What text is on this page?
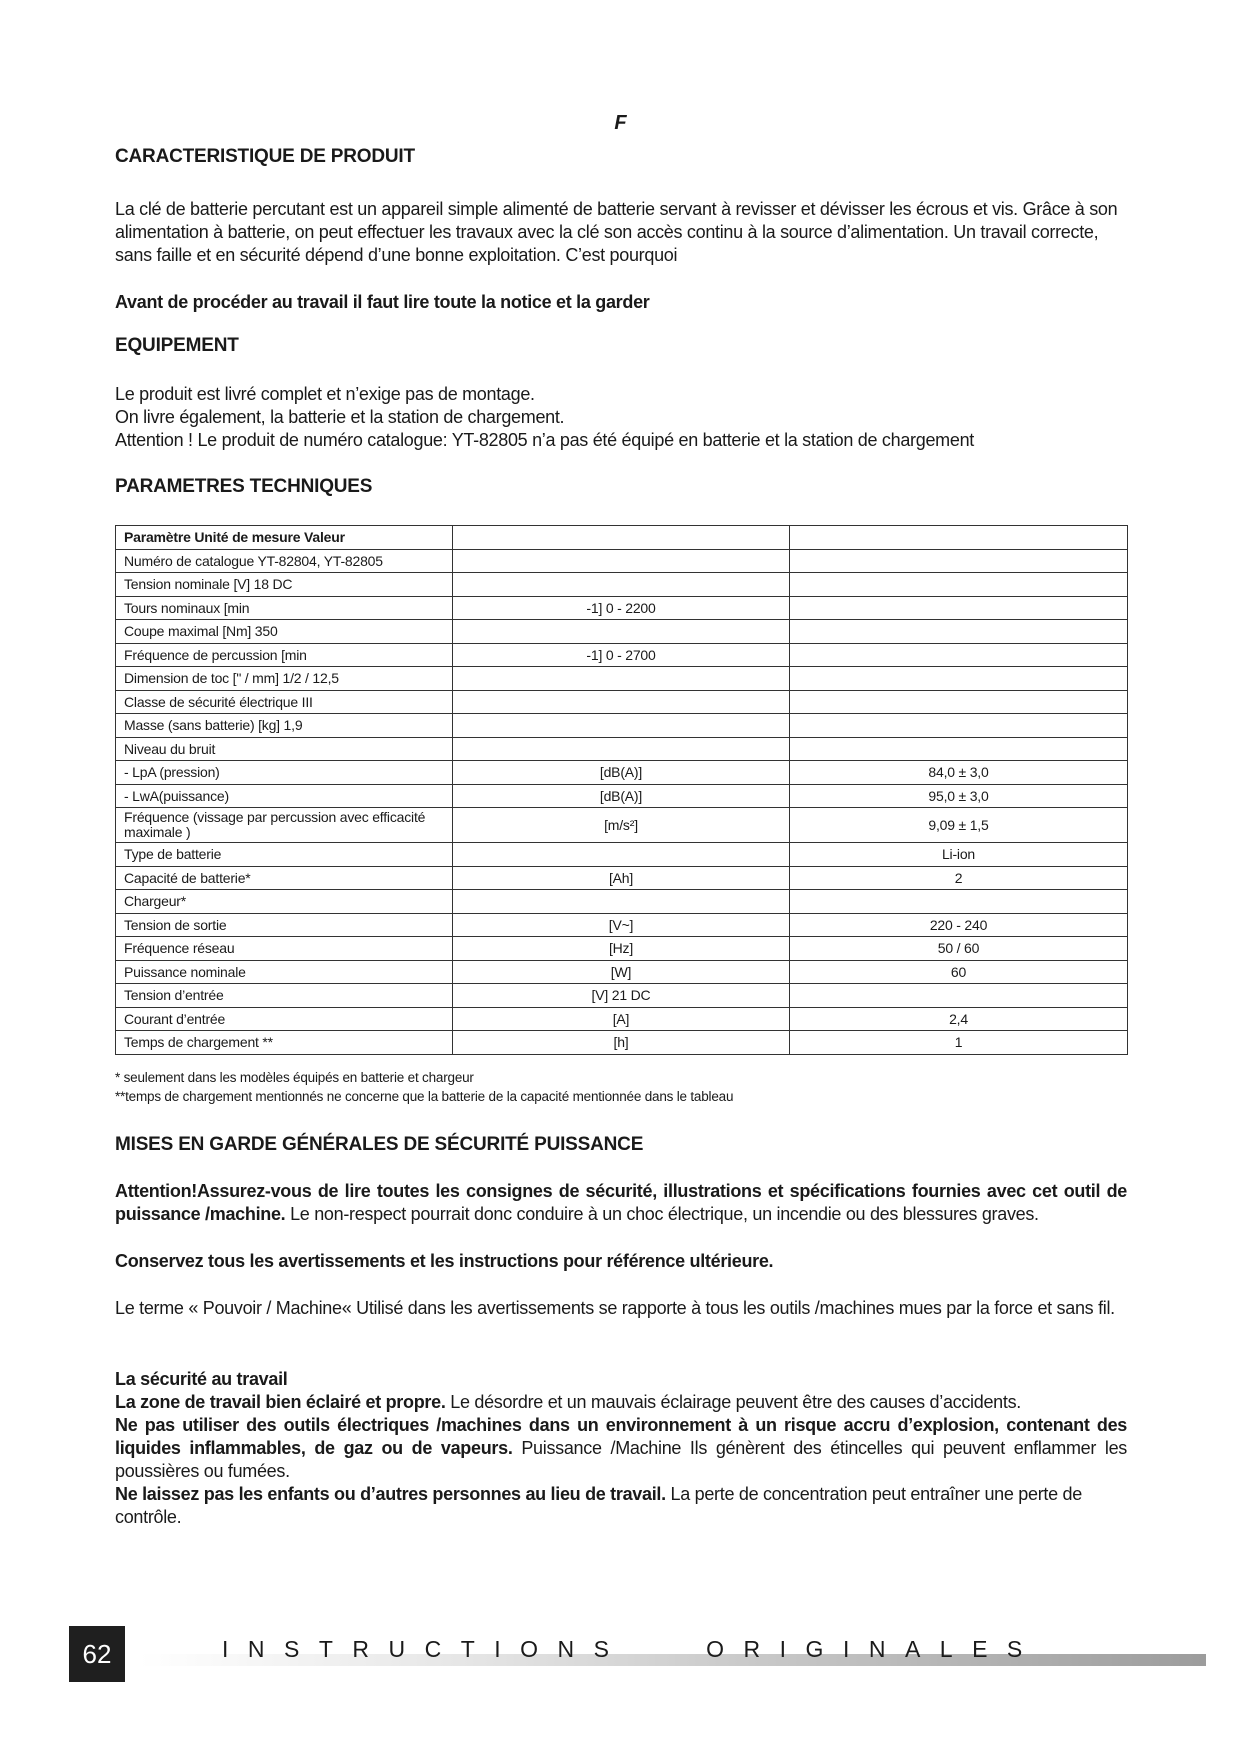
F
CARACTERISTIQUE DE PRODUIT

La clé de batterie percutant est un appareil simple alimenté de batterie servant à revisser et dévisser les écrous et vis. Grâce à son alimentation à batterie, on peut effectuer les travaux avec la clé son accès continu à la source d’alimentation. Un travail correcte, sans faille et en sécurité dépend d’une bonne exploitation. C’est pourquoi

Avant de procéder au travail il faut lire toute la notice et la garder

EQUIPEMENT

Le produit est livré complet et n’exige pas de montage.

On livre également, la batterie et la station de chargement.

Attention ! Le produit de numéro catalogue: YT-82805 n’a pas été équipé en batterie et la station de chargement

PARAMETRES TECHNIQUES
Paramètre Unité de mesure Valeur		
Numéro de catalogue YT-82804, YT-82805		
Tension nominale [V] 18 DC		
Tours nominaux [min	-1] 0 - 2200	
Coupe maximal [Nm] 350		
Fréquence de percussion [min	-1] 0 - 2700	
Dimension de toc [" / mm] 1/2 / 12,5		
Classe de sécurité électrique III		
Masse (sans batterie) [kg] 1,9		
Niveau du bruit		
- LpA (pression)	[dB(A)]	84,0 ± 3,0
- LwA(puissance)	[dB(A)]	95,0 ± 3,0
Fréquence (vissage par percussion avec efficacité maximale )	[m/s²]	9,09 ± 1,5
Type de batterie		Li-ion
Capacité de batterie*	[Ah]	2
Chargeur*		
Tension de sortie	[V~]	220 - 240
Fréquence réseau	[Hz]	50 / 60
Puissance nominale	[W]	60
Tension d’entrée	[V] 21 DC	
Courant d’entrée	[A]	2,4
Temps de chargement **	[h]	1

* seulement dans les modèles équipés en batterie et chargeur

**temps de chargement mentionnés ne concerne que la batterie de la capacité mentionnée dans le tableau

MISES EN GARDE GÉNÉRALES DE SÉCURITÉ PUISSANCE

Attention!Assurez-vous de lire toutes les consignes de sécurité, illustrations et spécifications fournies avec cet outil de puissance /machine. Le non-respect pourrait donc conduire à un choc électrique, un incendie ou des blessures graves.

Conservez tous les avertissements et les instructions pour référence ultérieure.

Le terme « Pouvoir / Machine« Utilisé dans les avertissements se rapporte à tous les outils /machines mues par la force et sans fil.

La sécurité au travail

La zone de travail bien éclairé et propre. Le désordre et un mauvais éclairage peuvent être des causes d’accidents.

Ne pas utiliser des outils électriques /machines dans un environnement à un risque accru d’explosion, contenant des liquides inflammables, de gaz ou de vapeurs. Puissance /Machine Ils génèrent des étincelles qui peuvent enflammer les poussières ou fumées.

Ne laissez pas les enfants ou d’autres personnes au lieu de travail. La perte de concentration peut entraîner une perte de contrôle.

62	INSTRUCTIONS	ORIGINALES
